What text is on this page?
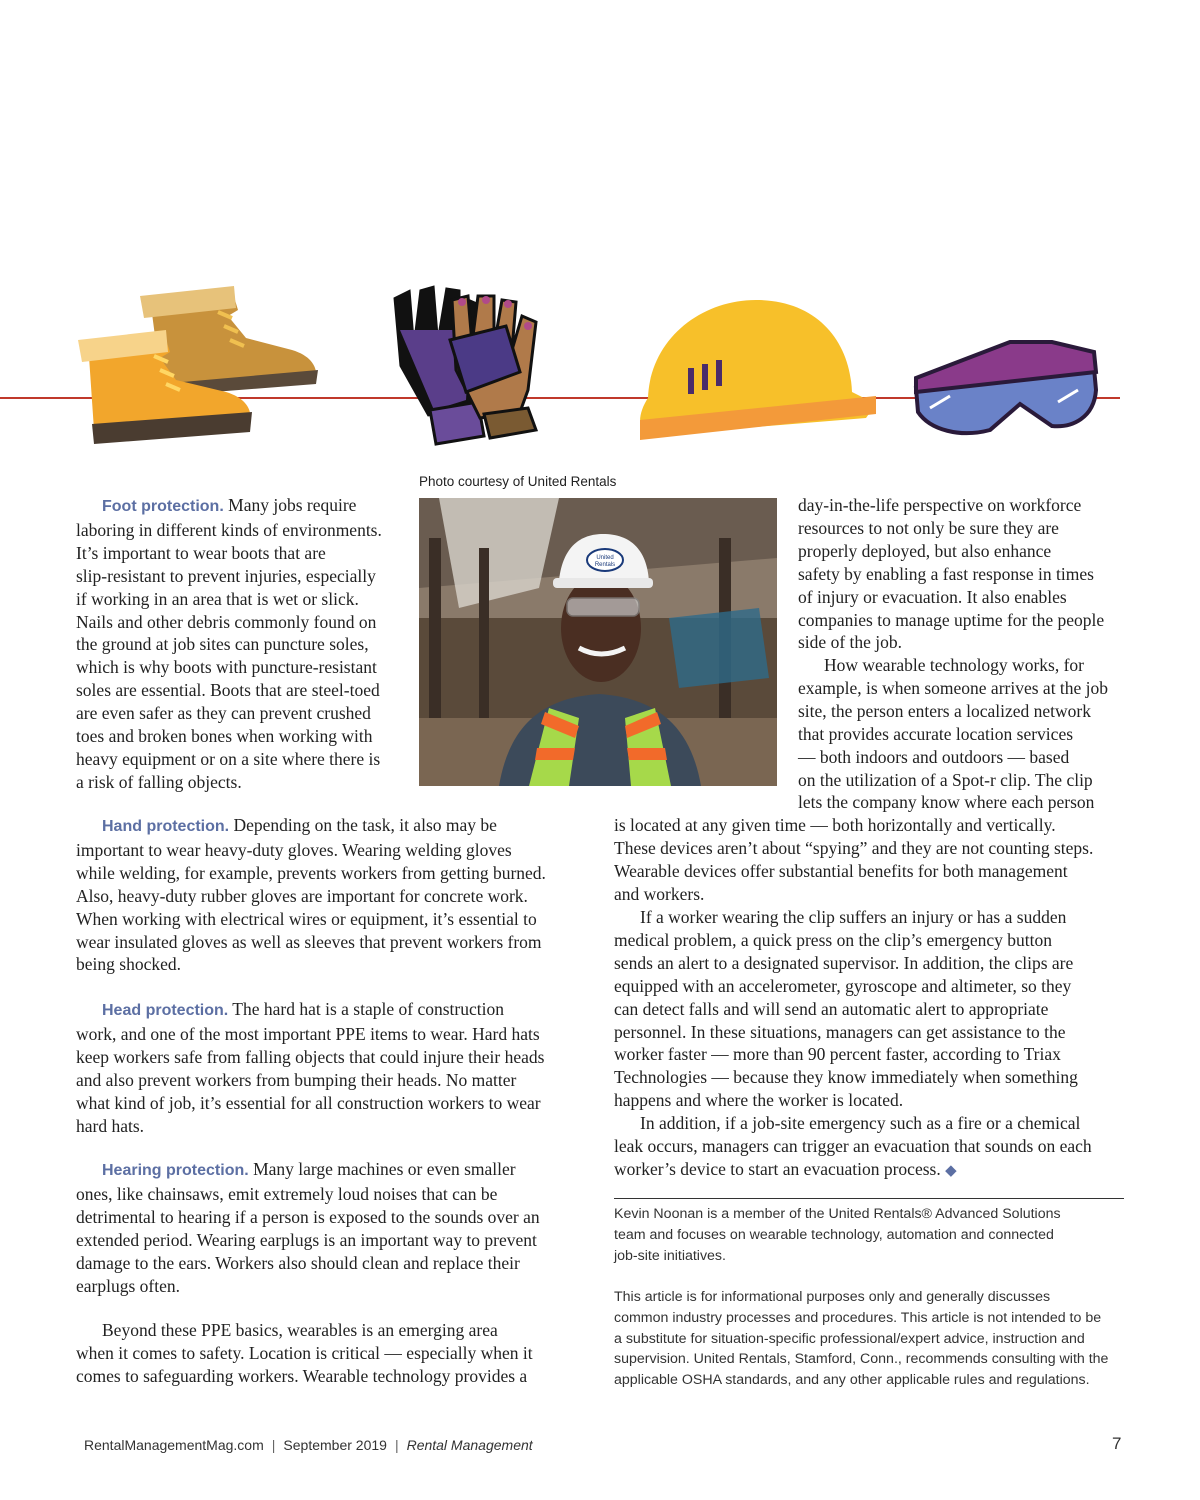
Photo courtesy of United Rentals
United
Rentals
Foot protection. Many jobs require
laboring in different kinds of environments.
It’s important to wear boots that are
slip-resistant to prevent injuries, especially
if working in an area that is wet or slick.
Nails and other debris commonly found on
the ground at job sites can puncture soles,
which is why boots with puncture-resistant
soles are essential. Boots that are steel-toed
are even safer as they can prevent crushed
toes and broken bones when working with
heavy equipment or on a site where there is
a risk of falling objects.
Hand protection. Depending on the task, it also may be
important to wear heavy-duty gloves. Wearing welding gloves
while welding, for example, prevents workers from getting burned.
Also, heavy-duty rubber gloves are important for concrete work.
When working with electrical wires or equipment, it’s essential to
wear insulated gloves as well as sleeves that prevent workers from
being shocked.
Head protection. The hard hat is a staple of construction
work, and one of the most important PPE items to wear. Hard hats
keep workers safe from falling objects that could injure their heads
and also prevent workers from bumping their heads. No matter
what kind of job, it’s essential for all construction workers to wear
hard hats.
Hearing protection. Many large machines or even smaller
ones, like chainsaws, emit extremely loud noises that can be
detrimental to hearing if a person is exposed to the sounds over an
extended period. Wearing earplugs is an important way to prevent
damage to the ears. Workers also should clean and replace their
earplugs often.
Beyond these PPE basics, wearables is an emerging area
when it comes to safety. Location is critical — especially when it
comes to safeguarding workers. Wearable technology provides a
day-in-the-life perspective on workforce
resources to not only be sure they are
properly deployed, but also enhance
safety by enabling a fast response in times
of injury or evacuation. It also enables
companies to manage uptime for the people
side of the job.
How wearable technology works, for
example, is when someone arrives at the job
site, the person enters a localized network
that provides accurate location services
— both indoors and outdoors — based
on the utilization of a Spot-r clip. The clip
lets the company know where each person
is located at any given time — both horizontally and vertically.
These devices aren’t about “spying” and they are not counting steps.
Wearable devices offer substantial benefits for both management
and workers.
If a worker wearing the clip suffers an injury or has a sudden
medical problem, a quick press on the clip’s emergency button
sends an alert to a designated supervisor. In addition, the clips are
equipped with an accelerometer, gyroscope and altimeter, so they
can detect falls and will send an automatic alert to appropriate
personnel. In these situations, managers can get assistance to the
worker faster — more than 90 percent faster, according to Triax
Technologies — because they know immediately when something
happens and where the worker is located.
In addition, if a job-site emergency such as a fire or a chemical
leak occurs, managers can trigger an evacuation that sounds on each
worker’s device to start an evacuation process. ◆
Kevin Noonan is a member of the United Rentals® Advanced Solutions
team and focuses on wearable technology, automation and connected
job-site initiatives.
This article is for informational purposes only and generally discusses
common industry processes and procedures. This article is not intended to be
a substitute for situation-specific professional/expert advice, instruction and
supervision. United Rentals, Stamford, Conn., recommends consulting with the
applicable OSHA standards, and any other applicable rules and regulations.
RentalManagementMag.com | September 2019 | Rental Management	7
